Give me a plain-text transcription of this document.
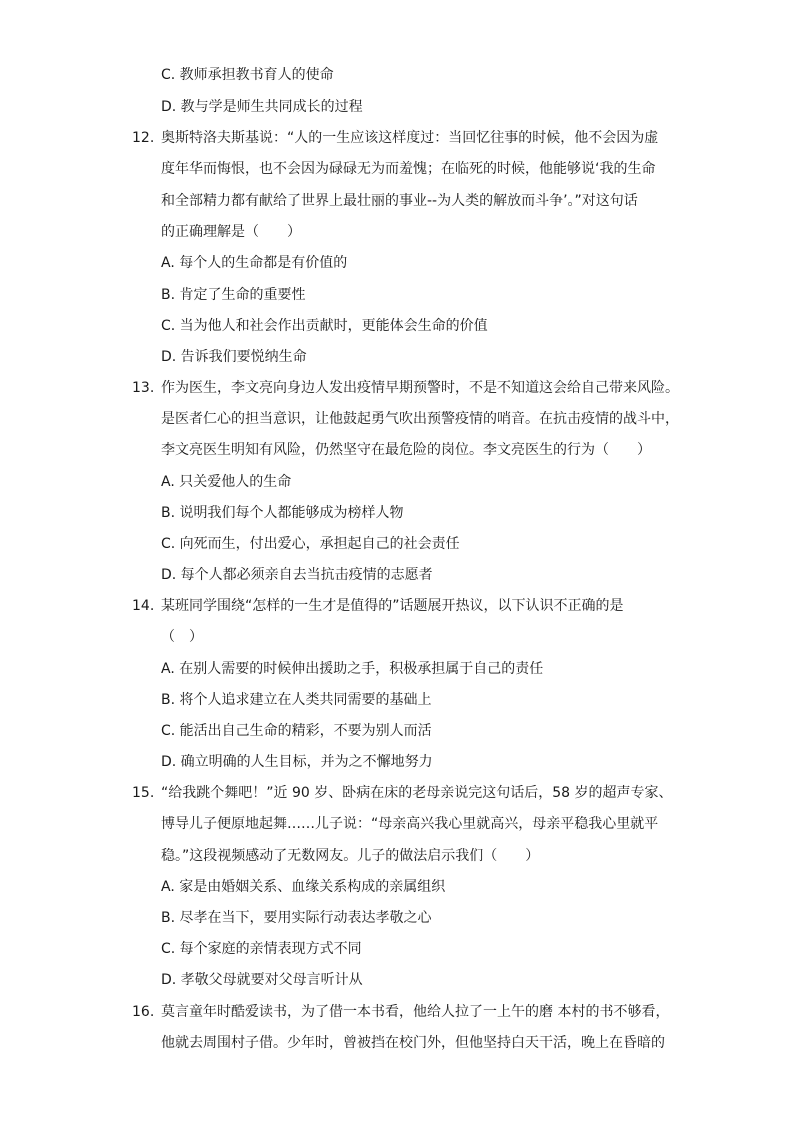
C. 教师承担教书育人的使命
D. 教与学是师生共同成长的过程
12. 奥斯特洛夫斯基说：“人的一生应该这样度过：当回忆往事的时候，他不会因为虚
度年华而悔恨，也不会因为碌碌无为而羞愧；在临死的时候，他能够说‘我的生命
和全部精力都有献给了世界上最壮丽的事业--为人类的解放而斗争’。”对这句话
的正确理解是（　　）
A. 每个人的生命都是有价值的
B. 肯定了生命的重要性
C. 当为他人和社会作出贡献时，更能体会生命的价值
D. 告诉我们要悦纳生命
13. 作为医生，李文亮向身边人发出疫情早期预警时，不是不知道这会给自己带来风险。
是医者仁心的担当意识，让他鼓起勇气吹出预警疫情的哨音。在抗击疫情的战斗中，
李文亮医生明知有风险，仍然坚守在最危险的岗位。李文亮医生的行为（　　）
A. 只关爱他人的生命
B. 说明我们每个人都能够成为榜样人物
C. 向死而生，付出爱心，承担起自己的社会责任
D. 每个人都必须亲自去当抗击疫情的志愿者
14. 某班同学围绕“怎样的一生才是值得的”话题展开热议，以下认识不正确的是
（　）
A. 在别人需要的时候伸出援助之手，积极承担属于自己的责任
B. 将个人追求建立在人类共同需要的基础上
C. 能活出自己生命的精彩，不要为别人而活
D. 确立明确的人生目标，并为之不懈地努力
15. “给我跳个舞吧！”近 90 岁、卧病在床的老母亲说完这句话后，58 岁的超声专家、
博导儿子便原地起舞……儿子说：“母亲高兴我心里就高兴，母亲平稳我心里就平
稳。”这段视频感动了无数网友。儿子的做法启示我们（　　）
A. 家是由婚姻关系、血缘关系构成的亲属组织
B. 尽孝在当下，要用实际行动表达孝敬之心
C. 每个家庭的亲情表现方式不同
D. 孝敬父母就要对父母言听计从
16. 莫言童年时酷爱读书，为了借一本书看，他给人拉了一上午的磨 本村的书不够看，
他就去周围村子借。少年时，曾被挡在校门外，但他坚持白天干活，晚上在昏暗的
